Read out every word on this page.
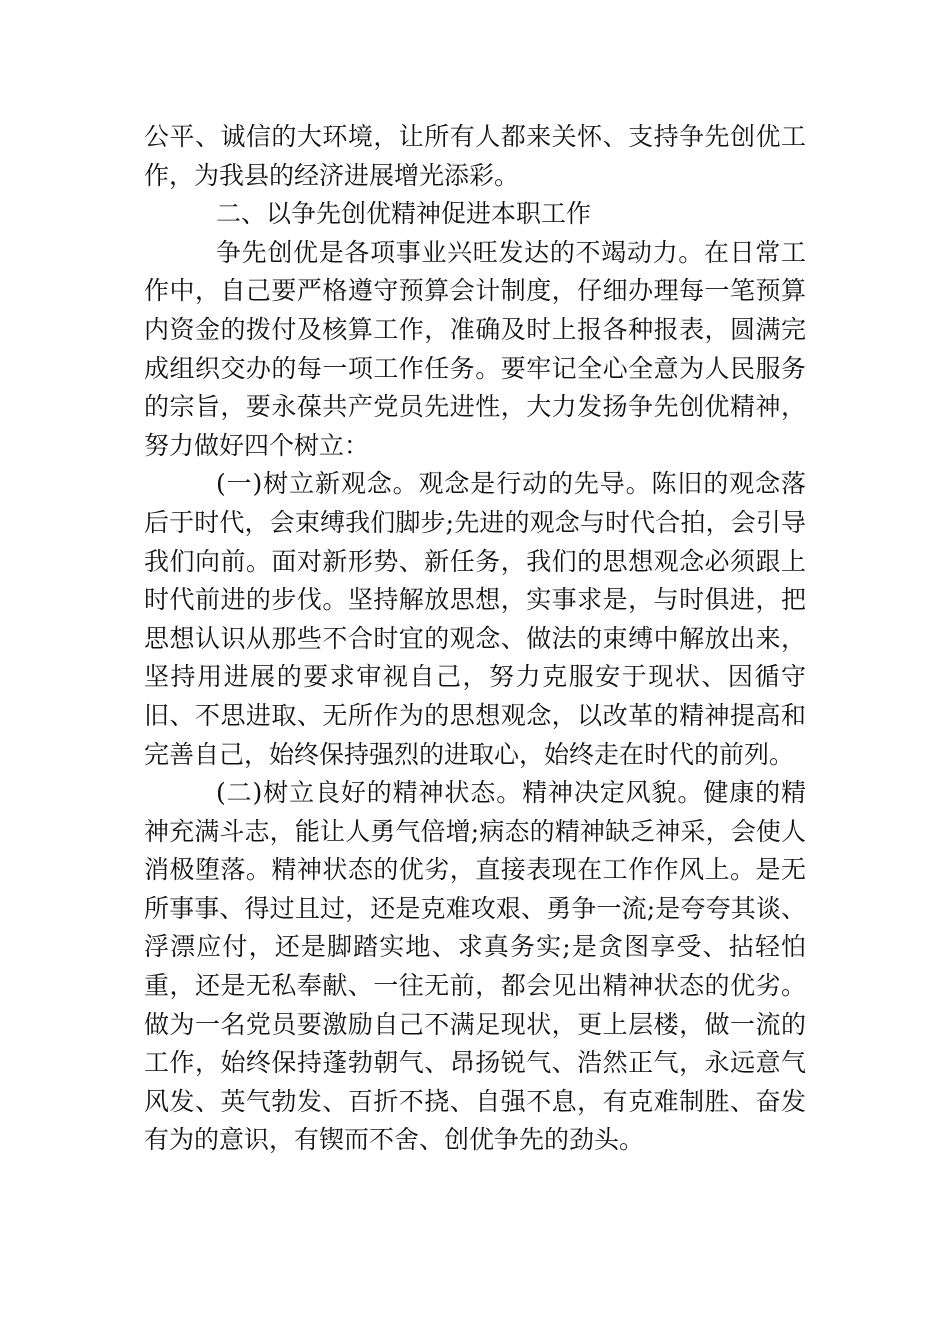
公平、诚信的大环境，让所有人都来关怀、支持争先创优工作，为我县的经济进展增光添彩。

二、以争先创优精神促进本职工作

争先创优是各项事业兴旺发达的不竭动力。在日常工作中，自己要严格遵守预算会计制度，仔细办理每一笔预算内资金的拨付及核算工作，准确及时上报各种报表，圆满完成组织交办的每一项工作任务。要牢记全心全意为人民服务的宗旨，要永葆共产党员先进性，大力发扬争先创优精神，努力做好四个树立：

(一)树立新观念。观念是行动的先导。陈旧的观念落后于时代，会束缚我们脚步;先进的观念与时代合拍，会引导我们向前。面对新形势、新任务，我们的思想观念必须跟上时代前进的步伐。坚持解放思想，实事求是，与时俱进，把思想认识从那些不合时宜的观念、做法的束缚中解放出来，坚持用进展的要求审视自己，努力克服安于现状、因循守旧、不思进取、无所作为的思想观念，以改革的精神提高和完善自己，始终保持强烈的进取心，始终走在时代的前列。

(二)树立良好的精神状态。精神决定风貌。健康的精神充满斗志，能让人勇气倍增;病态的精神缺乏神采，会使人消极堕落。精神状态的优劣，直接表现在工作作风上。是无所事事、得过且过，还是克难攻艰、勇争一流;是夸夸其谈、浮漂应付，还是脚踏实地、求真务实;是贪图享受、拈轻怕重，还是无私奉献、一往无前，都会见出精神状态的优劣。做为一名党员要激励自己不满足现状，更上层楼，做一流的工作，始终保持蓬勃朝气、昂扬锐气、浩然正气，永远意气风发、英气勃发、百折不挠、自强不息，有克难制胜、奋发有为的意识，有锲而不舍、创优争先的劲头。
